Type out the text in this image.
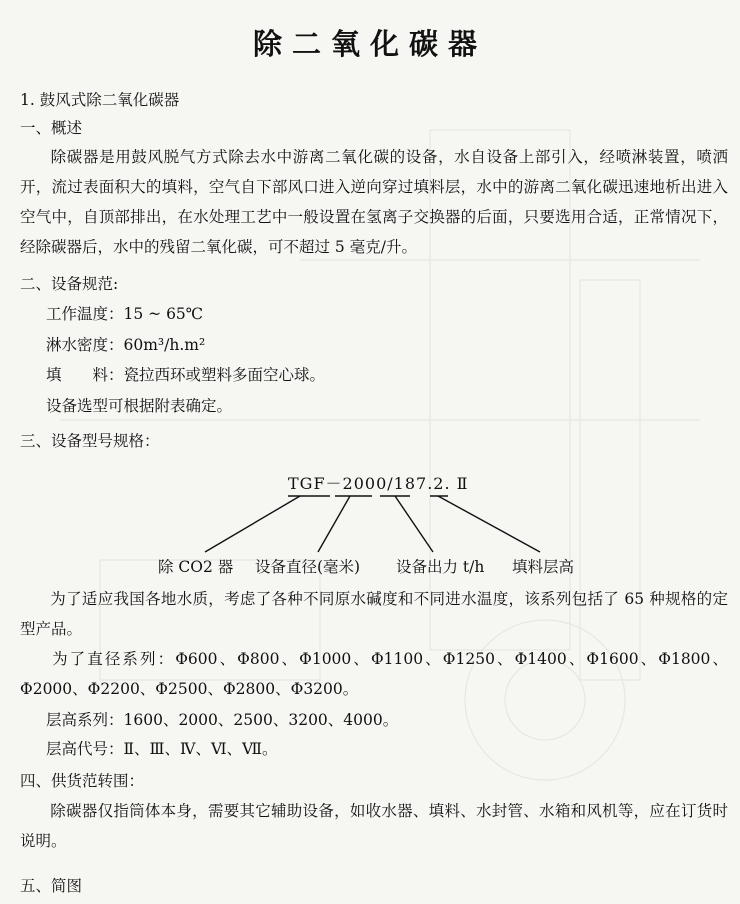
除二氧化碳器
1. 鼓风式除二氧化碳器
一、概述
除碳器是用鼓风脱气方式除去水中游离二氧化碳的设备，水自设备上部引入，经喷淋装置，喷洒开，流过表面积大的填料，空气自下部风口进入逆向穿过填料层，水中的游离二氧化碳迅速地析出进入空气中，自顶部排出，在水处理工艺中一般设置在氢离子交换器的后面，只要选用合适，正常情况下，经除碳器后，水中的残留二氧化碳，可不超过 5 毫克/升。
二、设备规范:
工作温度：15 ~ 65℃
淋水密度：60m³/h.m²
填　　料：瓷拉西环或塑料多面空心球。
设备选型可根据附表确定。
三、设备型号规格：
TGF－2000/187.2. Ⅱ
除 CO2 器 设备直径(毫米) 设备出力 t/h 填料层高
为了适应我国各地水质，考虑了各种不同原水碱度和不同进水温度，该系列包括了 65 种规格的定型产品。
为了直径系列：Φ600、Φ800、Φ1000、Φ1100、Φ1250、Φ1400、Φ1600、Φ1800、Φ2000、Φ2200、Φ2500、Φ2800、Φ3200。
层高系列：1600、2000、2500、3200、4000。
层高代号：Ⅱ、Ⅲ、Ⅳ、Ⅵ、Ⅶ。
四、供货范转围：
除碳器仅指筒体本身，需要其它辅助设备，如收水器、填料、水封管、水箱和风机等，应在订货时说明。
五、简图
